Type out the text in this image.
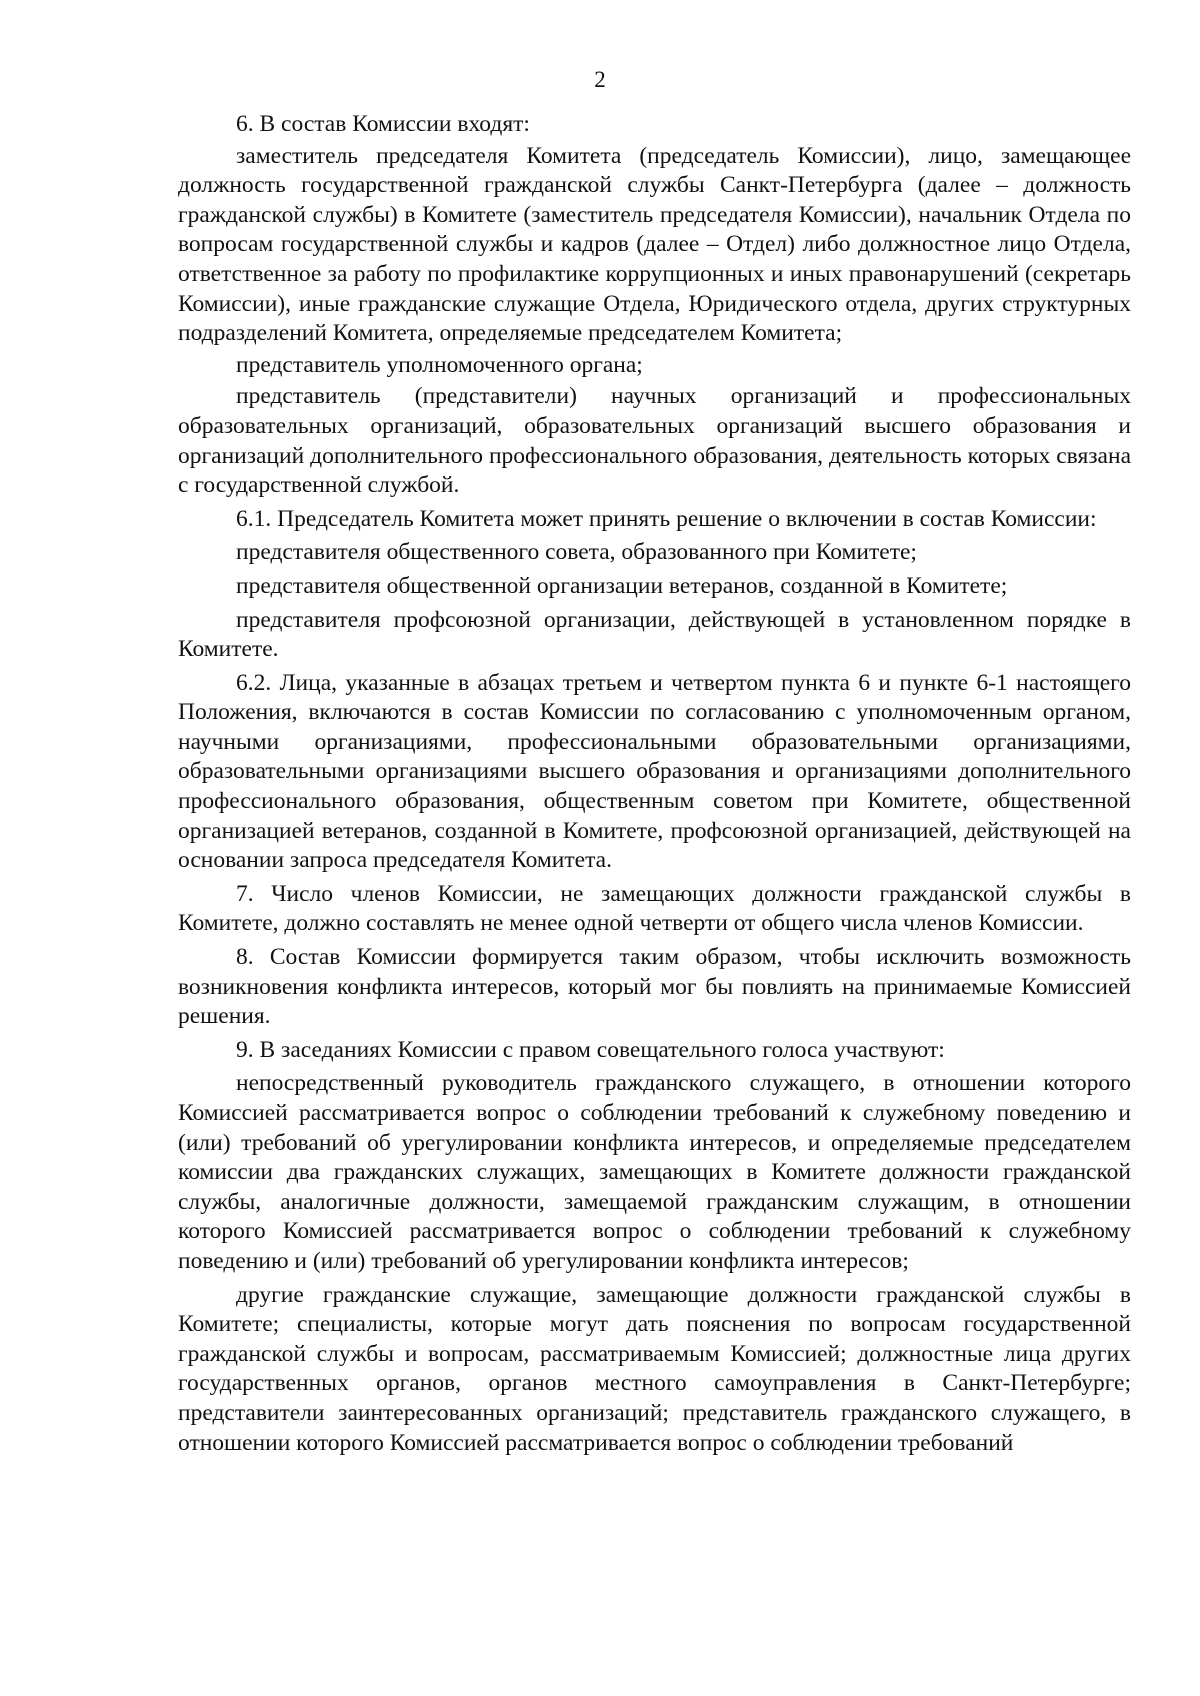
2

6. В состав Комиссии входят:

заместитель председателя Комитета (председатель Комиссии), лицо, замещающее должность государственной гражданской службы Санкт-Петербурга (далее – должность гражданской службы) в Комитете (заместитель председателя Комиссии), начальник Отдела по вопросам государственной службы и кадров (далее – Отдел) либо должностное лицо Отдела, ответственное за работу по профилактике коррупционных и иных правонарушений (секретарь Комиссии), иные гражданские служащие Отдела, Юридического отдела, других структурных подразделений Комитета, определяемые председателем Комитета;

представитель уполномоченного органа;

представитель (представители) научных организаций и профессиональных образовательных организаций, образовательных организаций высшего образования и организаций дополнительного профессионального образования, деятельность которых связана с государственной службой.

6.1. Председатель Комитета может принять решение о включении в состав Комиссии:

представителя общественного совета, образованного при Комитете;

представителя общественной организации ветеранов, созданной в Комитете;

представителя профсоюзной организации, действующей в установленном порядке в Комитете.

6.2. Лица, указанные в абзацах третьем и четвертом пункта 6 и пункте 6-1 настоящего Положения, включаются в состав Комиссии по согласованию с уполномоченным органом, научными организациями, профессиональными образовательными организациями, образовательными организациями высшего образования и организациями дополнительного профессионального образования, общественным советом при Комитете, общественной организацией ветеранов, созданной в Комитете, профсоюзной организацией, действующей на основании запроса председателя Комитета.

7. Число членов Комиссии, не замещающих должности гражданской службы в Комитете, должно составлять не менее одной четверти от общего числа членов Комиссии.

8. Состав Комиссии формируется таким образом, чтобы исключить возможность возникновения конфликта интересов, который мог бы повлиять на принимаемые Комиссией решения.

9. В заседаниях Комиссии с правом совещательного голоса участвуют:

непосредственный руководитель гражданского служащего, в отношении которого Комиссией рассматривается вопрос о соблюдении требований к служебному поведению и (или) требований об урегулировании конфликта интересов, и определяемые председателем комиссии два гражданских служащих, замещающих в Комитете должности гражданской службы, аналогичные должности, замещаемой гражданским служащим, в отношении которого Комиссией рассматривается вопрос о соблюдении требований к служебному поведению и (или) требований об урегулировании конфликта интересов;

другие гражданские служащие, замещающие должности гражданской службы в Комитете; специалисты, которые могут дать пояснения по вопросам государственной гражданской службы и вопросам, рассматриваемым Комиссией; должностные лица других государственных органов, органов местного самоуправления в Санкт-Петербурге; представители заинтересованных организаций; представитель гражданского служащего, в отношении которого Комиссией рассматривается вопрос о соблюдении требований
